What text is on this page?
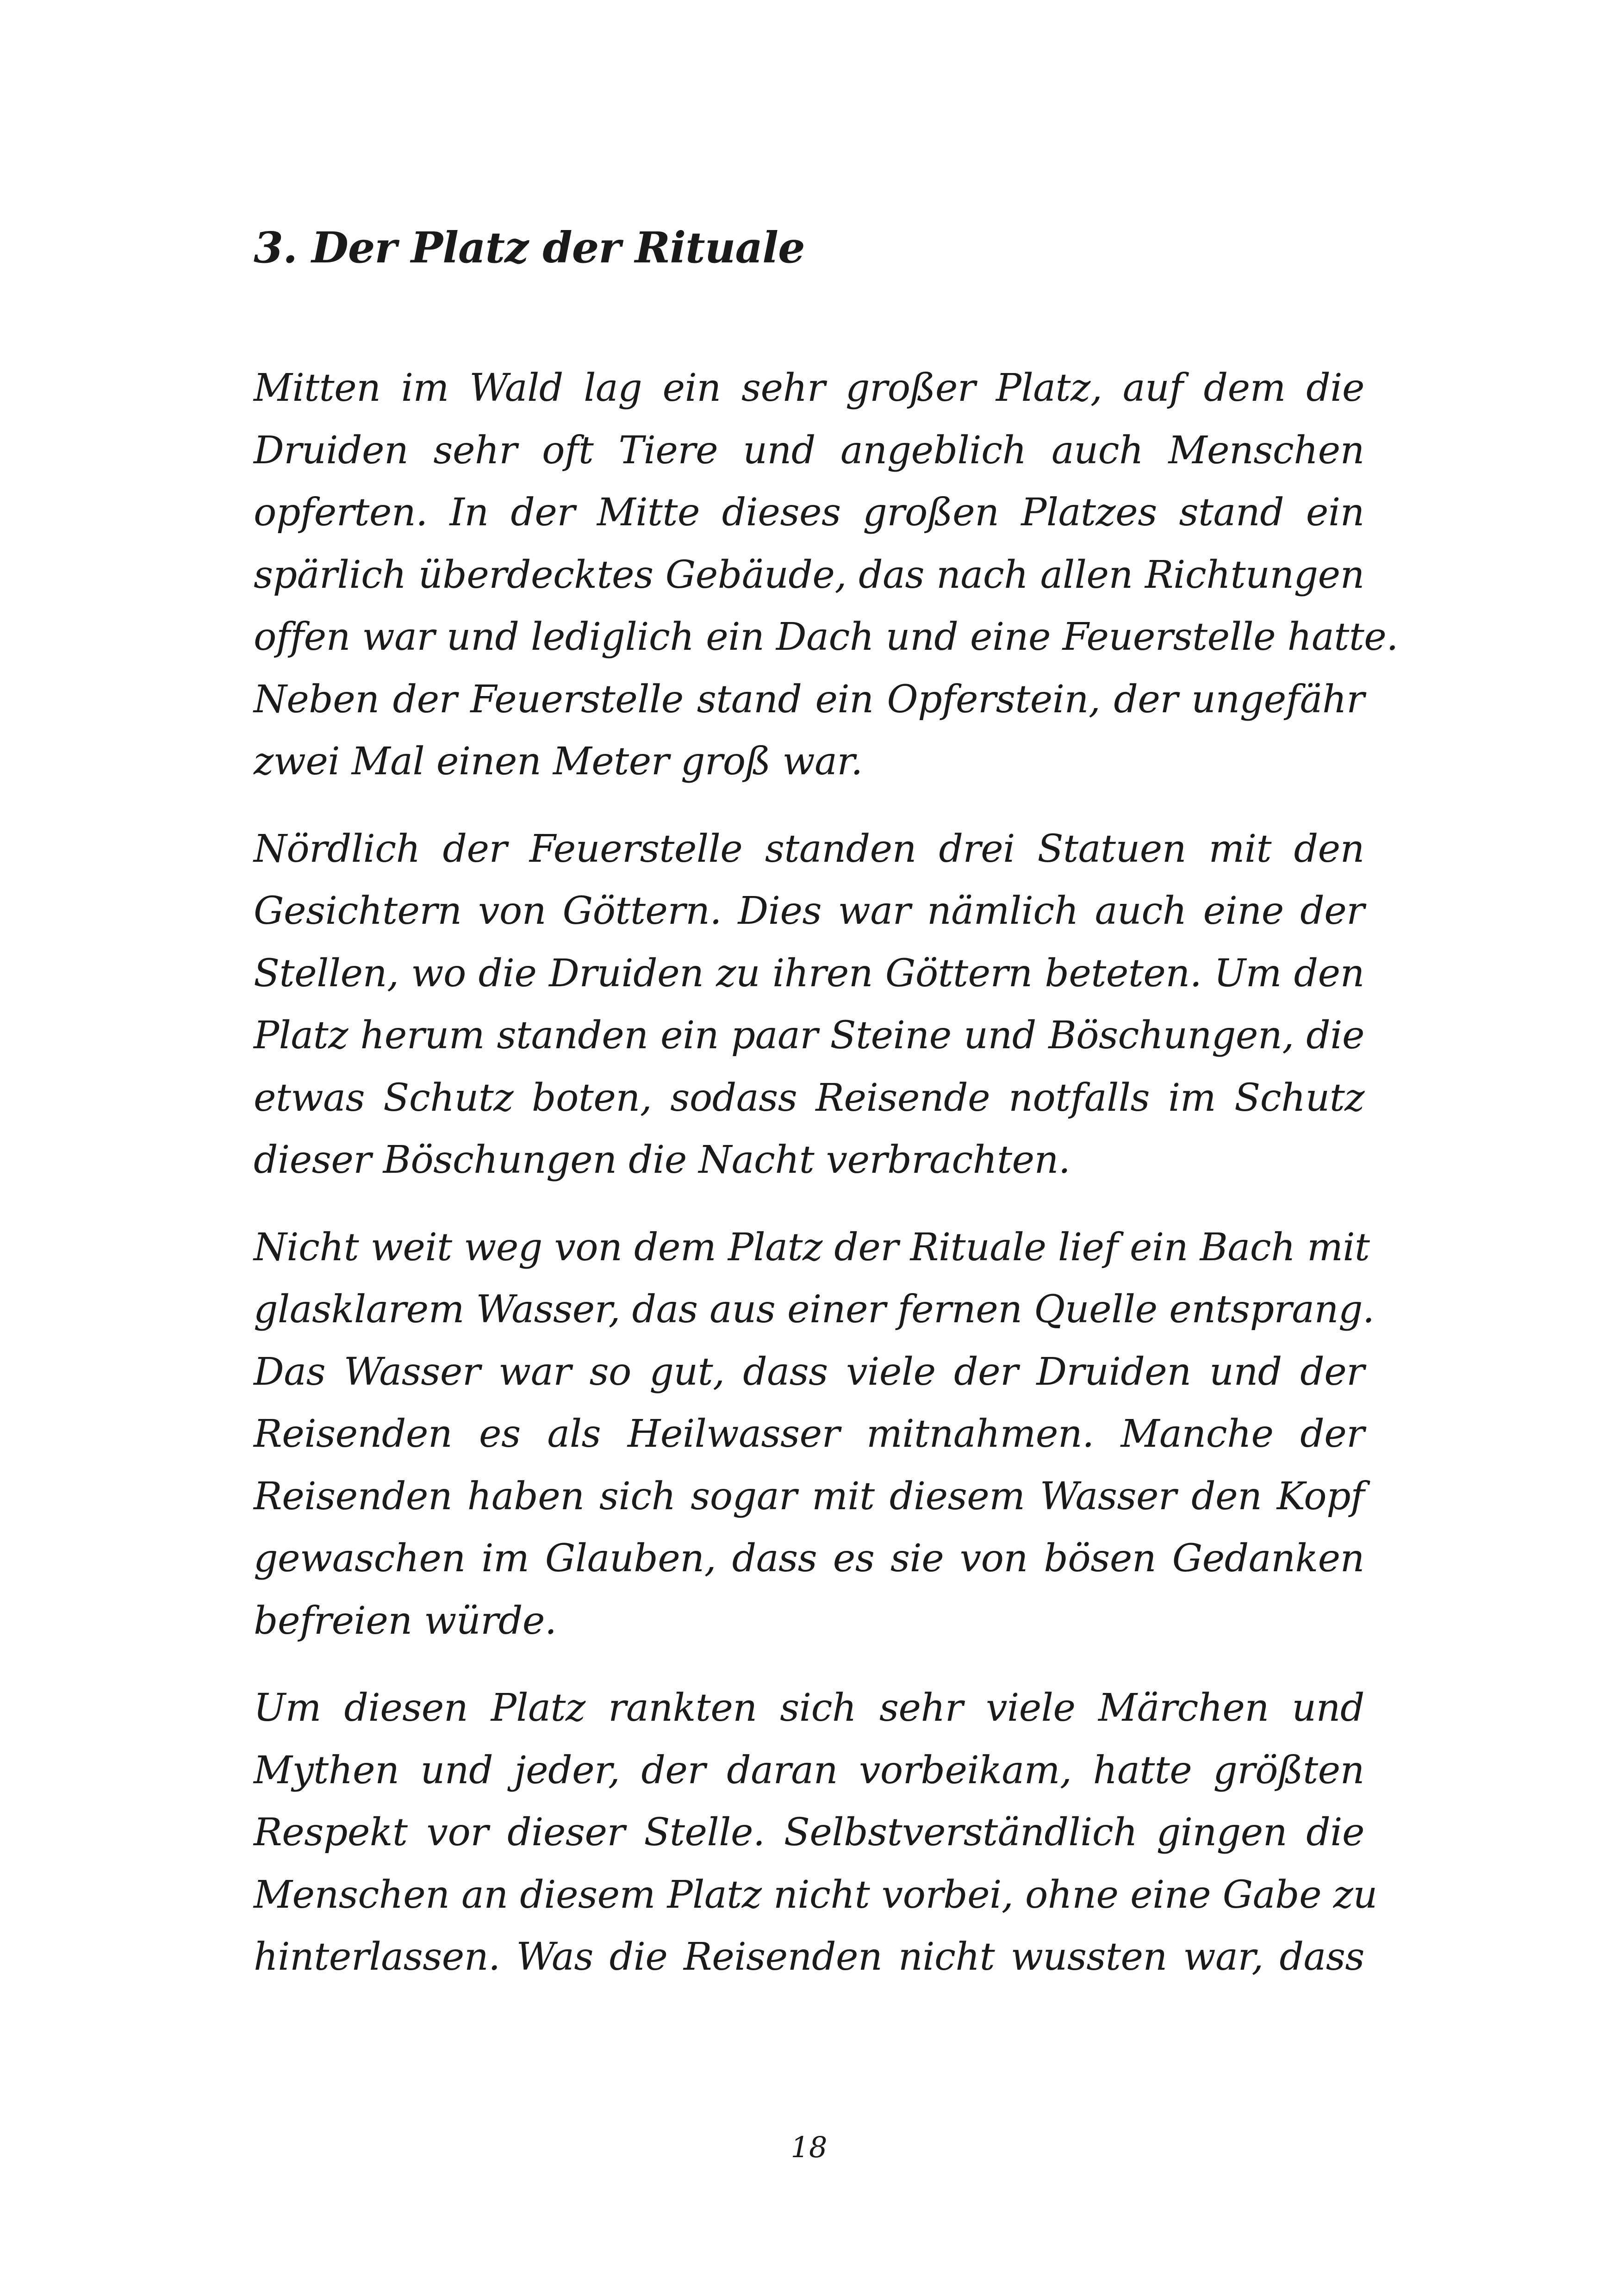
3. Der Platz der Rituale

Mitten im Wald lag ein sehr großer Platz, auf dem die
Druiden sehr oft Tiere und angeblich auch Menschen
opferten. In der Mitte dieses großen Platzes stand ein
spärlich überdecktes Gebäude, das nach allen Richtungen
offen war und lediglich ein Dach und eine Feuerstelle hatte.
Neben der Feuerstelle stand ein Opferstein, der ungefähr
zwei Mal einen Meter groß war.

Nördlich der Feuerstelle standen drei Statuen mit den
Gesichtern von Göttern. Dies war nämlich auch eine der
Stellen, wo die Druiden zu ihren Göttern beteten. Um den
Platz herum standen ein paar Steine und Böschungen, die
etwas Schutz boten, sodass Reisende notfalls im Schutz
dieser Böschungen die Nacht verbrachten.

Nicht weit weg von dem Platz der Rituale lief ein Bach mit
glasklarem Wasser, das aus einer fernen Quelle entsprang.
Das Wasser war so gut, dass viele der Druiden und der
Reisenden es als Heilwasser mitnahmen. Manche der
Reisenden haben sich sogar mit diesem Wasser den Kopf
gewaschen im Glauben, dass es sie von bösen Gedanken
befreien würde.

Um diesen Platz rankten sich sehr viele Märchen und
Mythen und jeder, der daran vorbeikam, hatte größten
Respekt vor dieser Stelle. Selbstverständlich gingen die
Menschen an diesem Platz nicht vorbei, ohne eine Gabe zu
hinterlassen. Was die Reisenden nicht wussten war, dass

18
